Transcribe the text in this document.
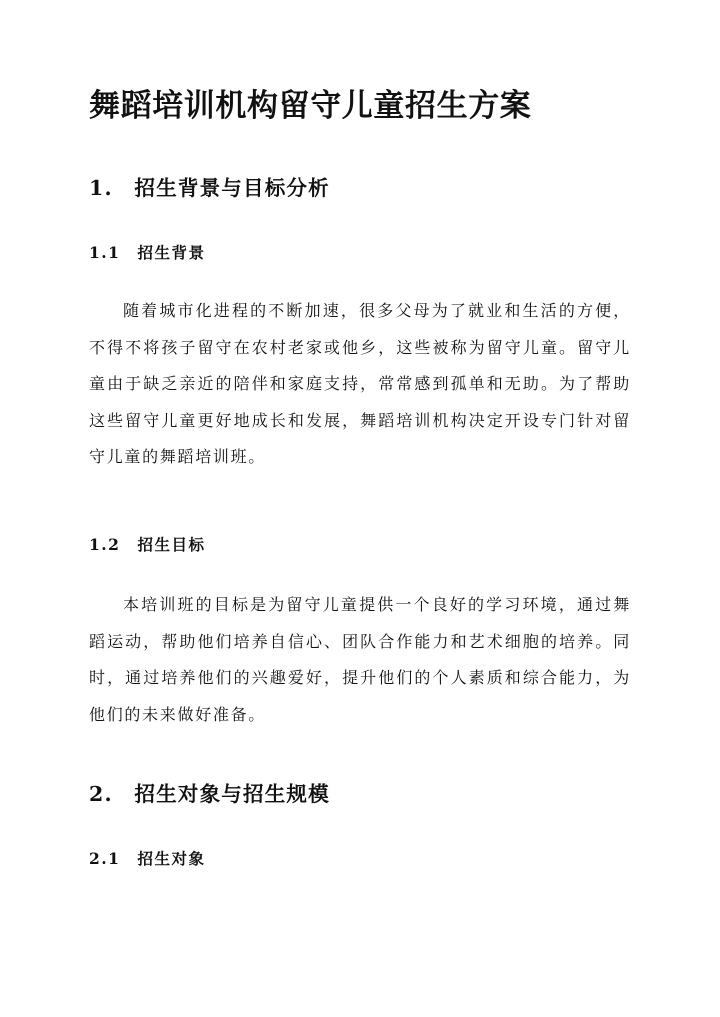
舞蹈培训机构留守儿童招生方案
1.　招生背景与目标分析
1.1　招生背景

随着城市化进程的不断加速，很多父母为了就业和生活的方便，不得不将孩子留守在农村老家或他乡，这些被称为留守儿童。留守儿童由于缺乏亲近的陪伴和家庭支持，常常感到孤单和无助。为了帮助这些留守儿童更好地成长和发展，舞蹈培训机构决定开设专门针对留守儿童的舞蹈培训班。

1.2　招生目标

本培训班的目标是为留守儿童提供一个良好的学习环境，通过舞蹈运动，帮助他们培养自信心、团队合作能力和艺术细胞的培养。同时，通过培养他们的兴趣爱好，提升他们的个人素质和综合能力，为他们的未来做好准备。

2.　招生对象与招生规模
2.1　招生对象
